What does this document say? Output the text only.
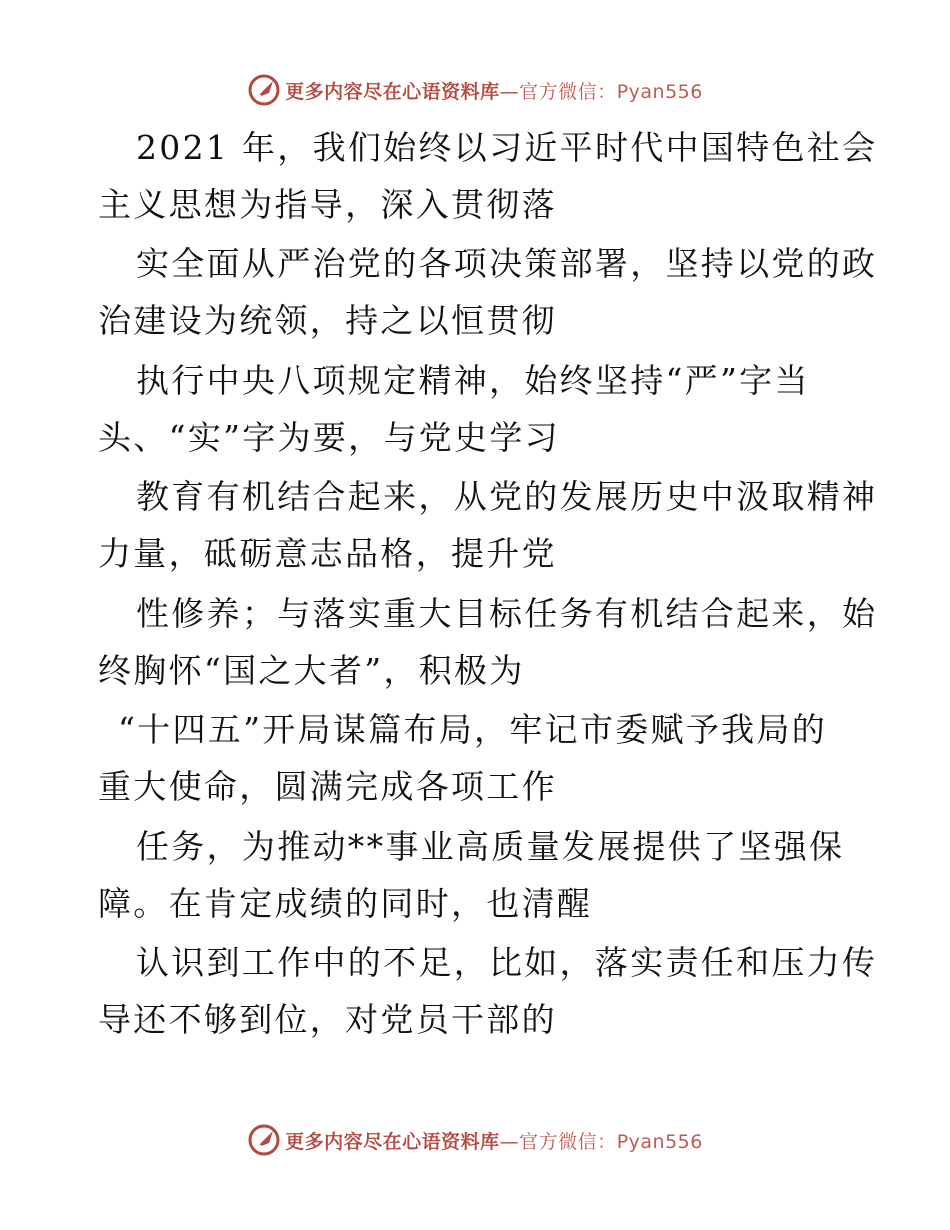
更多内容尽在心语资料库—官方微信：Pyan556
2021 年，我们始终以习近平时代中国特色社会
主义思想为指导，深入贯彻落
实全面从严治党的各项决策部署，坚持以党的政
治建设为统领，持之以恒贯彻
执行中央八项规定精神，始终坚持“严”字当
头、“实”字为要，与党史学习
教育有机结合起来，从党的发展历史中汲取精神
力量，砥砺意志品格，提升党
性修养；与落实重大目标任务有机结合起来，始
终胸怀“国之大者”，积极为
“十四五”开局谋篇布局，牢记市委赋予我局的
重大使命，圆满完成各项工作
任务，为推动**事业高质量发展提供了坚强保
障。在肯定成绩的同时，也清醒
认识到工作中的不足，比如，落实责任和压力传
导还不够到位，对党员干部的
更多内容尽在心语资料库—官方微信：Pyan556
